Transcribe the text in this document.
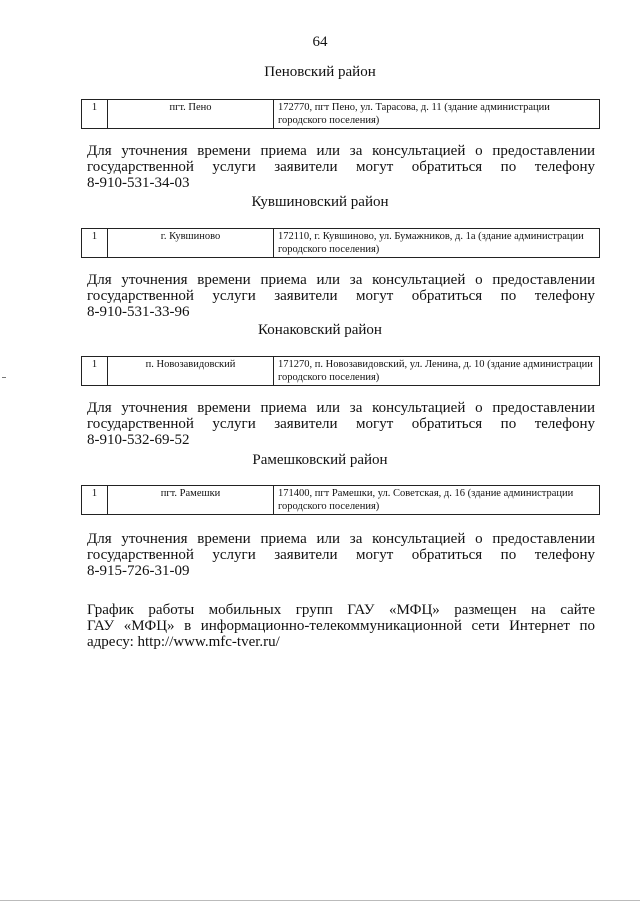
64
Пеновский район
1	пгт. Пено	172770, пгт Пено, ул. Тарасова, д. 11 (здание администрации городского поселения)
Для уточнения времени приема или за консультацией о предоставлении
государственной услуги заявители могут обратиться по телефону
8-910-531-34-03
Кувшиновский район
1	г. Кувшиново	172110, г. Кувшиново, ул. Бумажников, д. 1а (здание администрации городского поселения)
Для уточнения времени приема или за консультацией о предоставлении
государственной услуги заявители могут обратиться по телефону
8-910-531-33-96
Конаковский район
1	п. Новозавидовский	171270, п. Новозавидовский, ул. Ленина, д. 10 (здание администрации городского поселения)
Для уточнения времени приема или за консультацией о предоставлении
государственной услуги заявители могут обратиться по телефону
8-910-532-69-52
Рамешковский район
1	пгт. Рамешки	171400, пгт Рамешки, ул. Советская, д. 16 (здание администрации городского поселения)
Для уточнения времени приема или за консультацией о предоставлении
государственной услуги заявители могут обратиться по телефону
8-915-726-31-09
График работы мобильных групп ГАУ «МФЦ» размещен на сайте
ГАУ «МФЦ» в информационно-телекоммуникационной сети Интернет по
адресу: http://www.mfc-tver.ru/
